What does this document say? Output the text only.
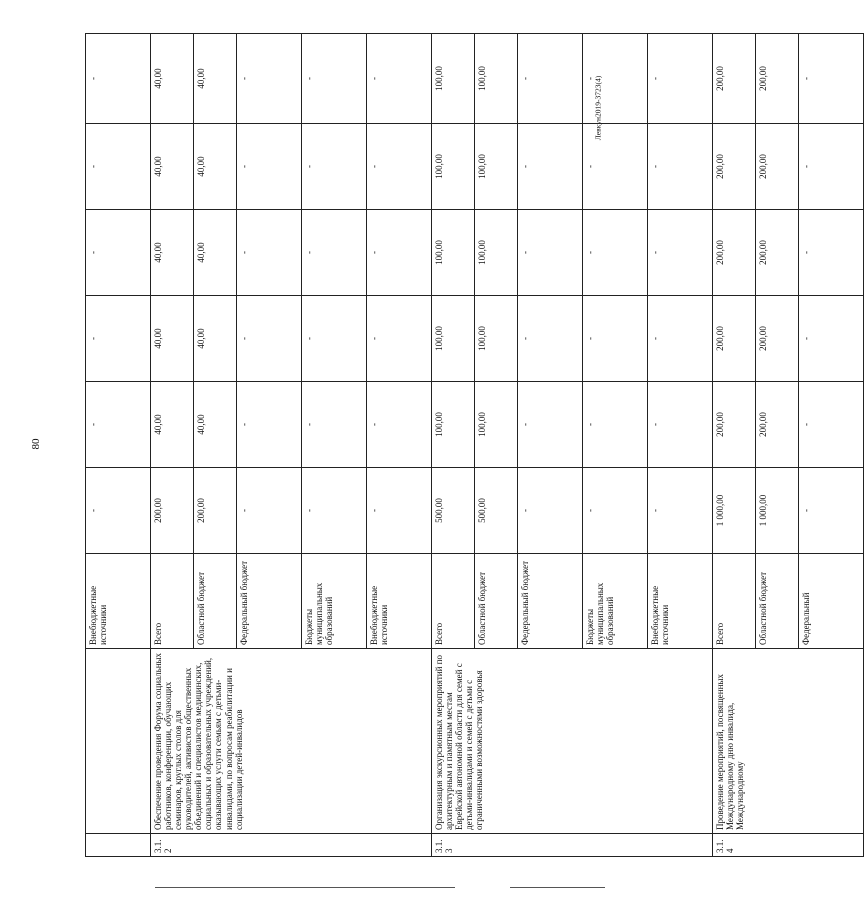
80
Левкун2019-3723(4)
		Внебюджетные источники	-	-	-	-	-	-
3.1.2	Обеспечение проведения Форума социальных работников, конференции, обучающих семинаров, круглых столов для руководителей, активистов общественных объединений и специалистов медицинских, социальных и образовательных учреждений, оказывающих услуги семьям с детьми-инвалидами, по вопросам реабилитации и социализации детей-инвалидов	Всего	200,00	40,00	40,00	40,00	40,00	40,00
		Областной бюджет	200,00	40,00	40,00	40,00	40,00	40,00
		Федеральный бюджет	-	-	-	-	-	-
		Бюджеты муниципальных образований	-	-	-	-	-	-
		Внебюджетные источники	-	-	-	-	-	-
3.1.3	Организация экскурсионных мероприятий по архитектурным и памятным местам Еврейской автономной области для семей с детьми-инвалидами и семей с детьми с ограниченными возможностями здоровья	Всего	500,00	100,00	100,00	100,00	100,00	100,00
		Областной бюджет	500,00	100,00	100,00	100,00	100,00	100,00
		Федеральный бюджет	-	-	-	-	-	-
		Бюджеты муниципальных образований	-	-	-	-	-	-
		Внебюджетные источники	-	-	-	-	-	-
3.1.4	Проведение мероприятий, посвященных Международному дню инвалида, Международному	Всего	1 000,00	200,00	200,00	200,00	200,00	200,00
		Областной бюджет	1 000,00	200,00	200,00	200,00	200,00	200,00
		Федеральный	-	-	-	-	-	-
